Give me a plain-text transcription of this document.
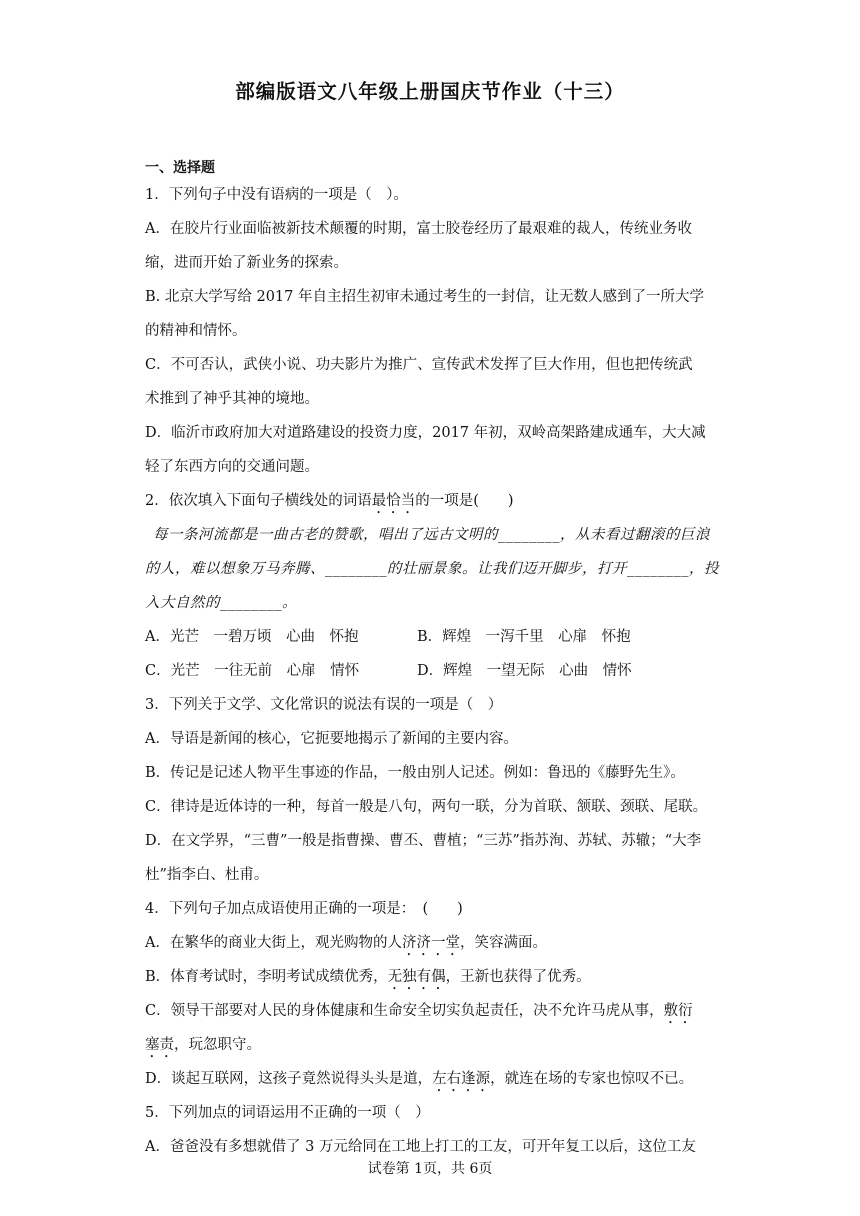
部编版语文八年级上册国庆节作业（十三）
一、选择题
1．下列句子中没有语病的一项是（　）。
A．在胶片行业面临被新技术颠覆的时期，富士胶卷经历了最艰难的裁人，传统业务收
缩，进而开始了新业务的探索。
B. 北京大学写给 2017 年自主招生初审未通过考生的一封信，让无数人感到了一所大学
的精神和情怀。
C．不可否认，武侠小说、功夫影片为推广、宣传武术发挥了巨大作用，但也把传统武
术推到了神乎其神的境地。
D．临沂市政府加大对道路建设的投资力度，2017 年初，双岭高架路建成通车，大大减
轻了东西方向的交通问题。
2．依次填入下面句子横线处的词语最恰当的一项是(　　)
每一条河流都是一曲古老的赞歌，唱出了远古文明的________，从未看过翻滚的巨浪
的人，难以想象万马奔腾、________的壮丽景象。让我们迈开脚步，打开________，投
入大自然的________。
A．光芒　一碧万顷　心曲　怀抱	B．辉煌　一泻千里　心扉　怀抱
C．光芒　一往无前　心扉　情怀	D．辉煌　一望无际　心曲　情怀
3．下列关于文学、文化常识的说法有误的一项是（　）
A．导语是新闻的核心，它扼要地揭示了新闻的主要内容。
B．传记是记述人物平生事迹的作品，一般由别人记述。例如：鲁迅的《藤野先生》。
C．律诗是近体诗的一种，每首一般是八句，两句一联，分为首联、颔联、颈联、尾联。
D．在文学界，“三曹”一般是指曹操、曹丕、曹植；“三苏”指苏洵、苏轼、苏辙；“大李
杜”指李白、杜甫。
4．下列句子加点成语使用正确的一项是：　(　　)
A．在繁华的商业大街上，观光购物的人济济一堂，笑容满面。
B．体育考试时，李明考试成绩优秀，无独有偶，王新也获得了优秀。
C．领导干部要对人民的身体健康和生命安全切实负起责任，决不允许马虎从事，敷衍
塞责，玩忽职守。
D．谈起互联网，这孩子竟然说得头头是道，左右逢源，就连在场的专家也惊叹不已。
5．下列加点的词语运用不正确的一项（　）
A．爸爸没有多想就借了 3 万元给同在工地上打工的工友，可开年复工以后，这位工友
试卷第 1页，共 6页
